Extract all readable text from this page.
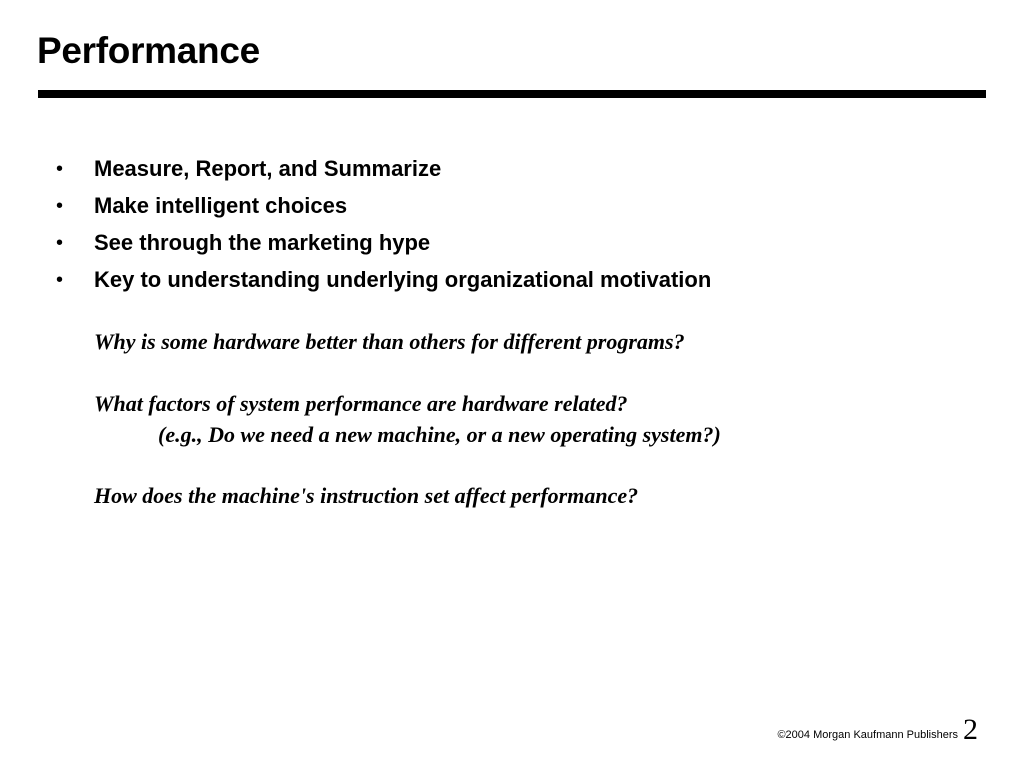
Performance
• Measure, Report, and Summarize
• Make intelligent choices
• See through the marketing hype
• Key to understanding underlying organizational motivation

Why is some hardware better than others for different programs?

What factors of system performance are hardware related?

(e.g., Do we need a new machine, or a new operating system?)

How does the machine's instruction set affect performance?

©2004 Morgan Kaufmann Publishers 2
